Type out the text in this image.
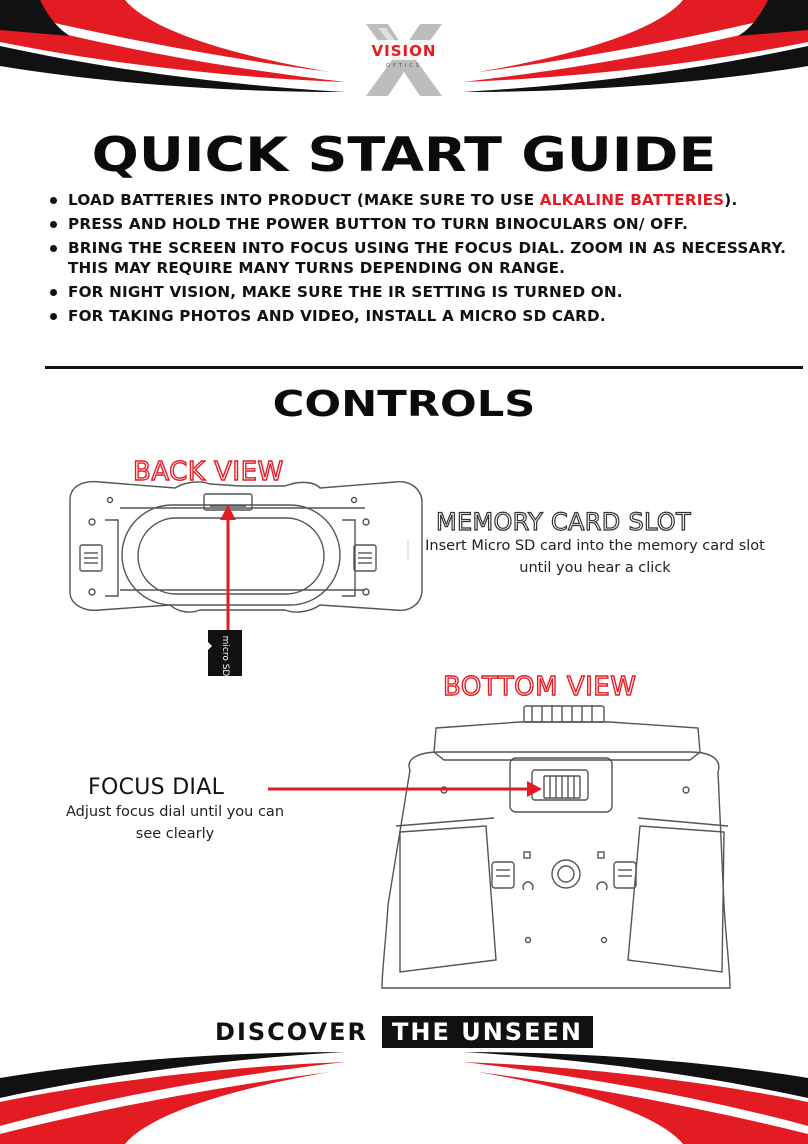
VISION
OPTICS
micro SD
QUICK START GUIDE
LOAD BATTERIES INTO PRODUCT (MAKE SURE TO USE ALKALINE BATTERIES).
PRESS AND HOLD THE POWER BUTTON TO TURN BINOCULARS ON/ OFF.
BRING THE SCREEN INTO FOCUS USING THE FOCUS DIAL. ZOOM IN AS NECESSARY. THIS MAY REQUIRE MANY TURNS DEPENDING ON RANGE.
FOR NIGHT VISION, MAKE SURE THE IR SETTING IS TURNED ON.
FOR TAKING PHOTOS AND VIDEO, INSTALL A MICRO SD CARD.
CONTROLS
BACK VIEW
MEMORY CARD SLOT
Insert Micro SD card into the memory card slot until you hear a click
BOTTOM VIEW
FOCUS DIAL
Adjust focus dial until you can see clearly
DISCOVER THE UNSEEN
